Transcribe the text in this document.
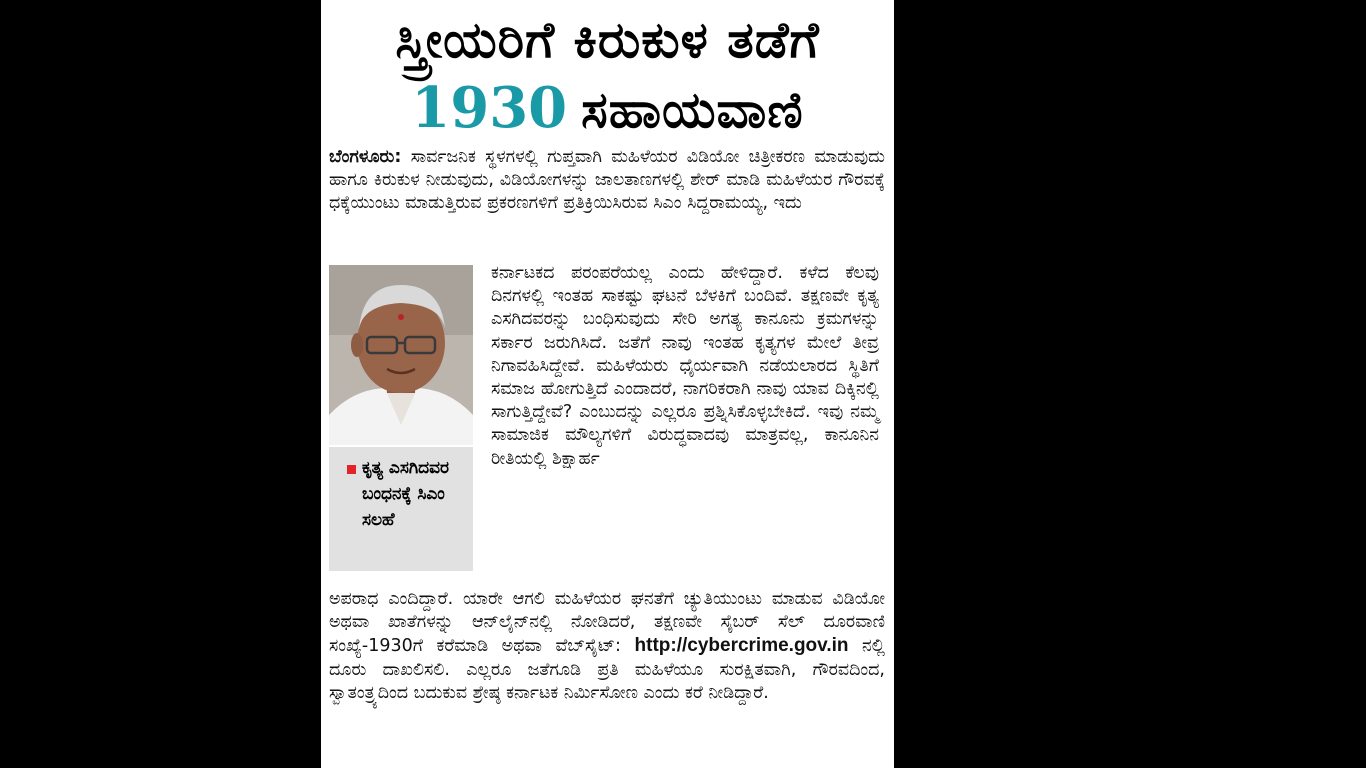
ಸ್ತ್ರೀಯರಿಗೆ ಕಿರುಕುಳ ತಡೆಗೆ
1930 ಸಹಾಯವಾಣಿ
ಬೆಂಗಳೂರು: ಸಾರ್ವಜನಿಕ ಸ್ಥಳಗಳಲ್ಲಿ ಗುಪ್ತವಾಗಿ ಮಹಿಳೆಯರ ವಿಡಿಯೋ ಚಿತ್ರೀಕರಣ ಮಾಡುವುದು ಹಾಗೂ ಕಿರುಕುಳ ನೀಡುವುದು, ವಿಡಿಯೋಗಳನ್ನು ಜಾಲತಾಣಗಳಲ್ಲಿ ಶೇರ್ ಮಾಡಿ ಮಹಿಳೆಯರ ಗೌರವಕ್ಕೆ ಧಕ್ಕೆಯುಂಟು ಮಾಡುತ್ತಿರುವ ಪ್ರಕರಣಗಳಿಗೆ ಪ್ರತಿಕ್ರಿಯಿಸಿರುವ ಸಿಎಂ ಸಿದ್ದರಾಮಯ್ಯ, ಇದು
ಕೃತ್ಯ ಎಸಗಿದವರ ಬಂಧನಕ್ಕೆ ಸಿಎಂ ಸಲಹೆ
ಕರ್ನಾಟಕದ ಪರಂಪರೆಯಲ್ಲ ಎಂದು ಹೇಳಿದ್ದಾರೆ. ಕಳೆದ ಕೆಲವು ದಿನಗಳಲ್ಲಿ ಇಂತಹ ಸಾಕಷ್ಟು ಘಟನೆ ಬೆಳಕಿಗೆ ಬಂದಿವೆ. ತಕ್ಷಣವೇ ಕೃತ್ಯ ಎಸಗಿದವರನ್ನು ಬಂಧಿಸುವುದು ಸೇರಿ ಅಗತ್ಯ ಕಾನೂನು ಕ್ರಮಗಳನ್ನು ಸರ್ಕಾರ ಜರುಗಿಸಿದೆ. ಜತೆಗೆ ನಾವು ಇಂತಹ ಕೃತ್ಯಗಳ ಮೇಲೆ ತೀವ್ರ ನಿಗಾವಹಿಸಿದ್ದೇವೆ. ಮಹಿಳೆಯರು ಧೈರ್ಯವಾಗಿ ನಡೆಯಲಾರದ ಸ್ಥಿತಿಗೆ ಸಮಾಜ ಹೋಗುತ್ತಿದೆ ಎಂದಾದರೆ, ನಾಗರಿಕರಾಗಿ ನಾವು ಯಾವ ದಿಕ್ಕಿನಲ್ಲಿ ಸಾಗುತ್ತಿದ್ದೇವೆ? ಎಂಬುದನ್ನು ಎಲ್ಲರೂ ಪ್ರಶ್ನಿಸಿಕೊಳ್ಳಬೇಕಿದೆ. ಇವು ನಮ್ಮ ಸಾಮಾಜಿಕ ಮೌಲ್ಯಗಳಿಗೆ ವಿರುದ್ಧವಾದವು ಮಾತ್ರವಲ್ಲ, ಕಾನೂನಿನ ರೀತಿಯಲ್ಲಿ ಶಿಕ್ಷಾರ್ಹ
ಅಪರಾಧ ಎಂದಿದ್ದಾರೆ. ಯಾರೇ ಆಗಲಿ ಮಹಿಳೆಯರ ಘನತೆಗೆ ಚ್ಯುತಿಯುಂಟು ಮಾಡುವ ವಿಡಿಯೋ ಅಥವಾ ಖಾತೆಗಳನ್ನು ಆನ್‌ಲೈನ್‌ನಲ್ಲಿ ನೋಡಿದರೆ, ತಕ್ಷಣವೇ ಸೈಬರ್ ಸೆಲ್ ದೂರವಾಣಿ ಸಂಖ್ಯೆ-1930ಗೆ ಕರೆಮಾಡಿ ಅಥವಾ ವೆಬ್‌ಸೈಟ್: http://cybercrime.gov.in ನಲ್ಲಿ ದೂರು ದಾಖಲಿಸಲಿ. ಎಲ್ಲರೂ ಜತೆಗೂಡಿ ಪ್ರತಿ ಮಹಿಳೆಯೂ ಸುರಕ್ಷಿತವಾಗಿ, ಗೌರವದಿಂದ, ಸ್ವಾತಂತ್ರ್ಯದಿಂದ ಬದುಕುವ ಶ್ರೇಷ್ಠ ಕರ್ನಾಟಕ ನಿರ್ಮಿಸೋಣ ಎಂದು ಕರೆ ನೀಡಿದ್ದಾರೆ.
